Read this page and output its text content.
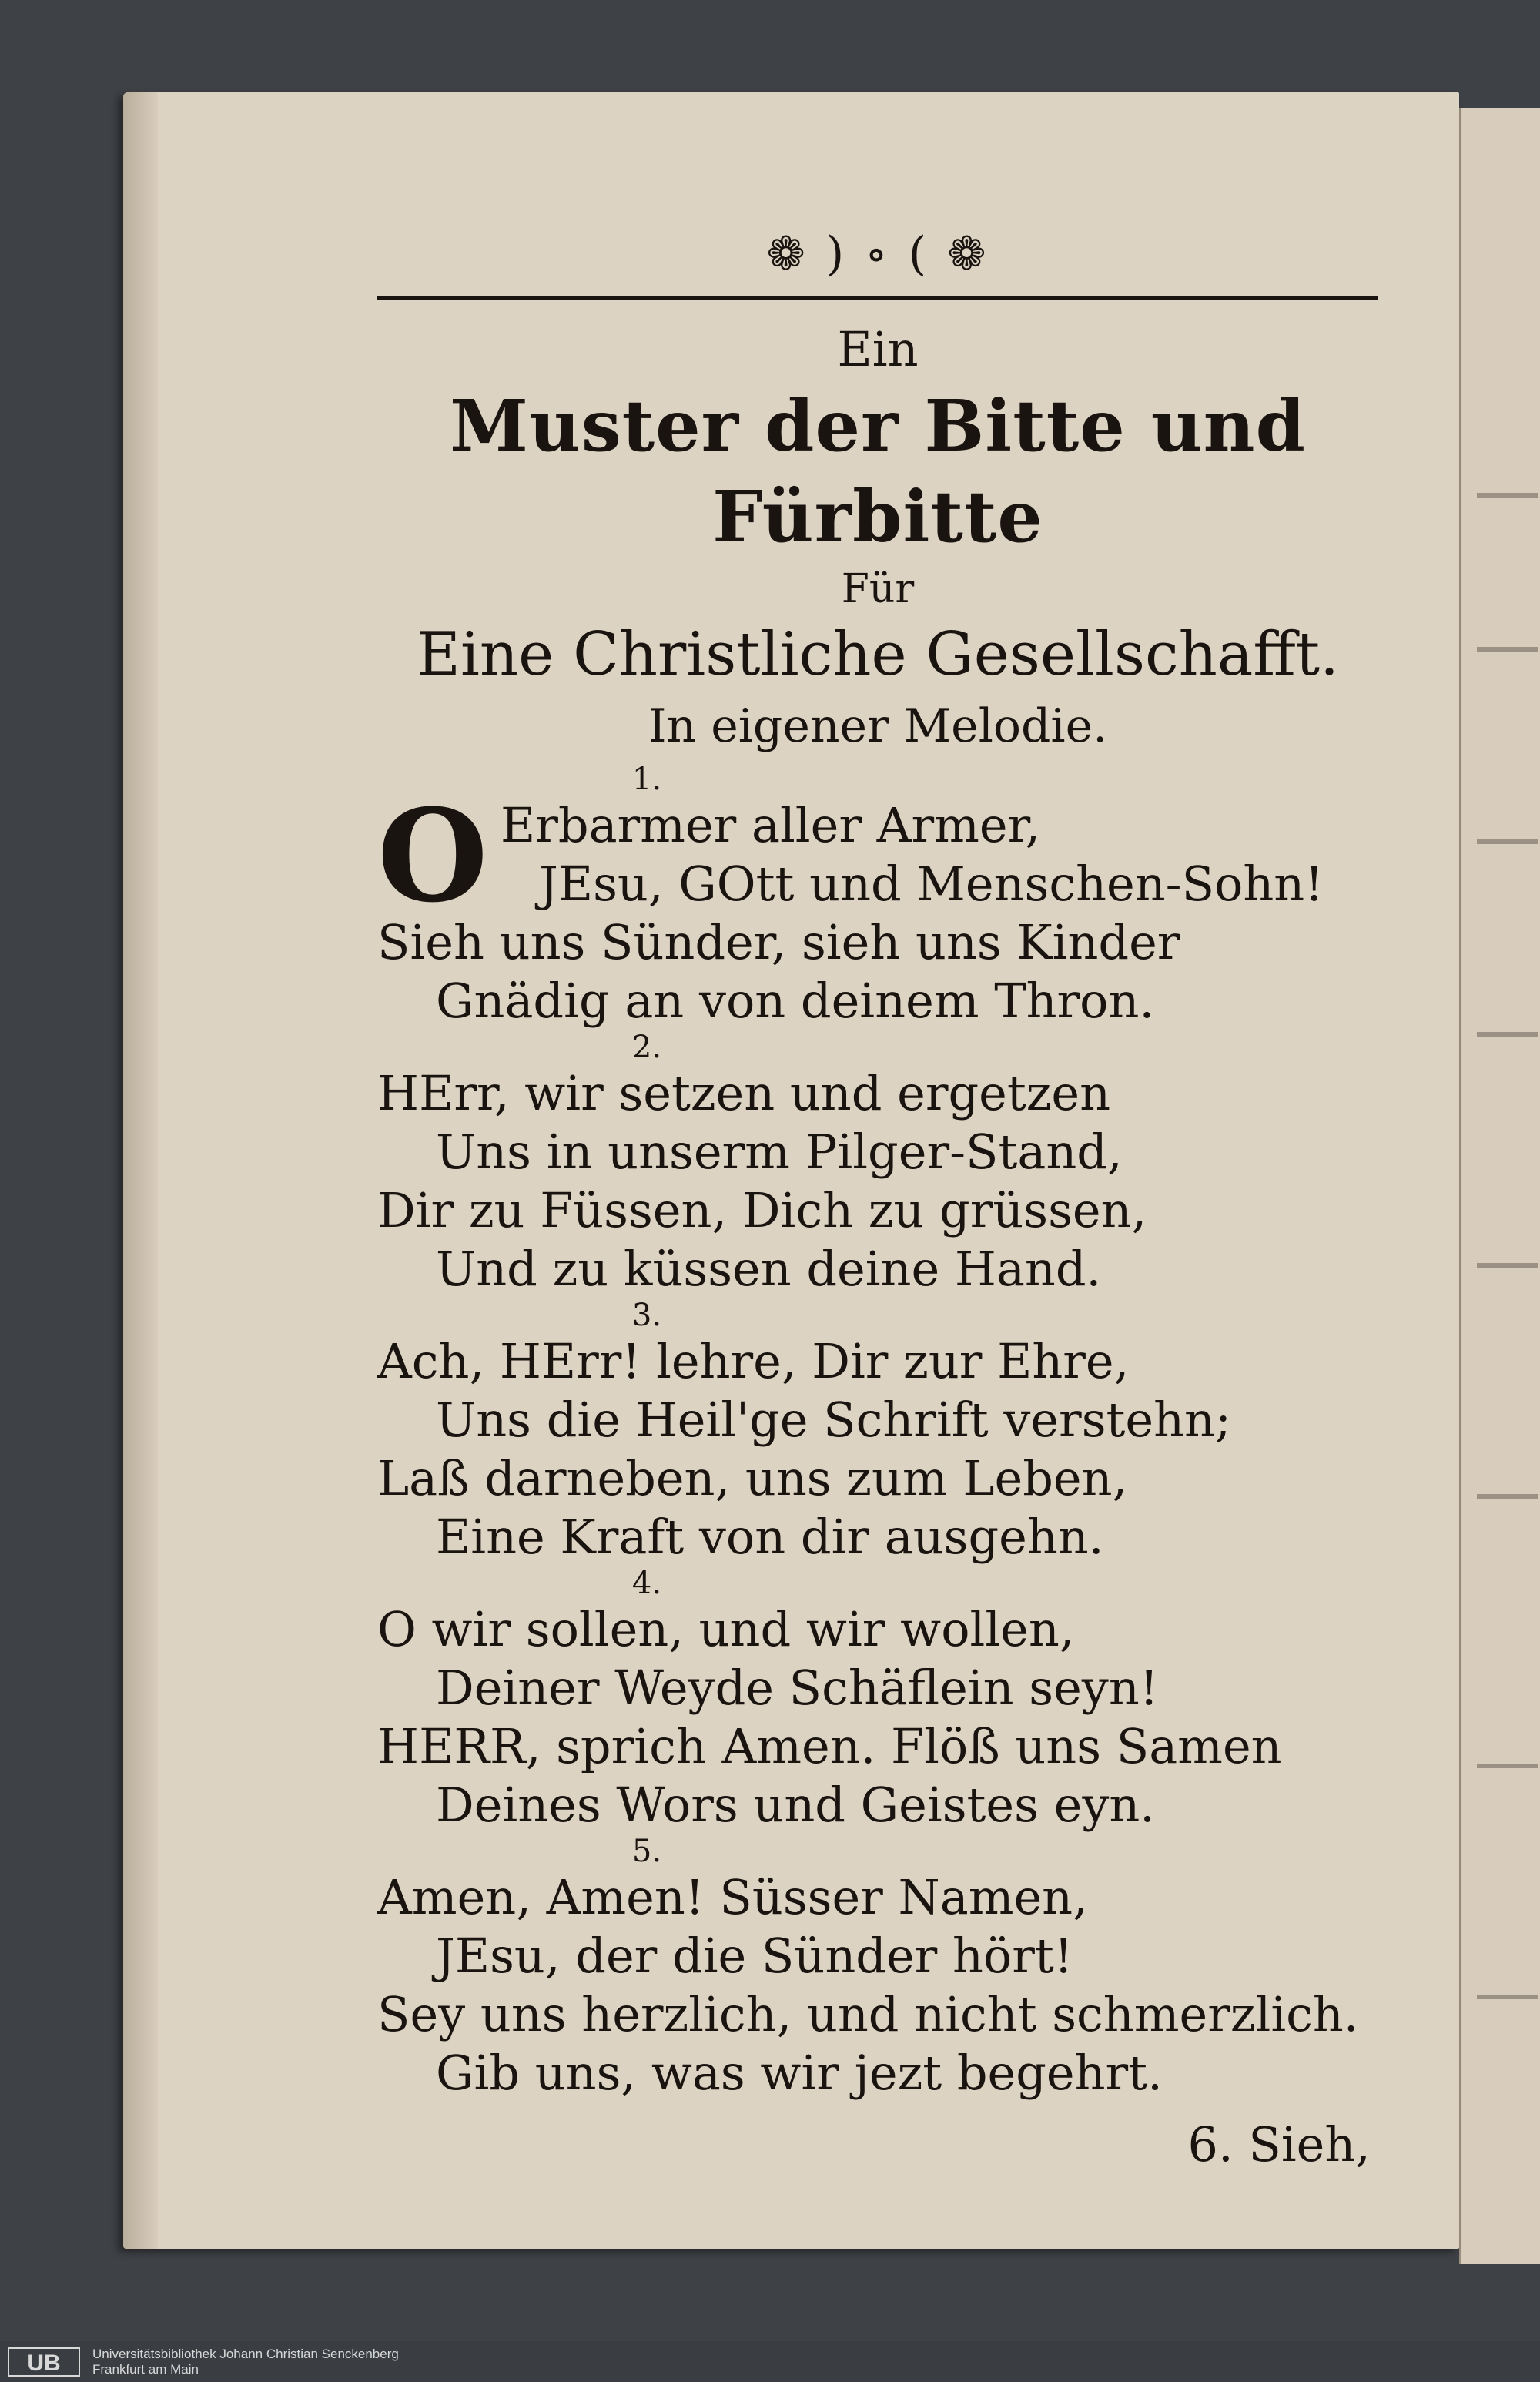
❁ ) ∘ ( ❁
Ein
Muster der Bitte und Fürbitte
Für
Eine Christliche Gesellschafft.
In eigener Melodie.
1.
O Erbarmer aller Armer,
JEsu, GOtt und Menschen-Sohn!
Sieh uns Sünder, sieh uns Kinder
Gnädig an von deinem Thron.
2.
HErr, wir setzen und ergetzen
Uns in unserm Pilger-Stand,
Dir zu Füssen, Dich zu grüssen,
Und zu küssen deine Hand.
3.
Ach, HErr! lehre, Dir zur Ehre,
Uns die Heil'ge Schrift verstehn;
Laß darneben, uns zum Leben,
Eine Kraft von dir ausgehn.
4.
O wir sollen, und wir wollen,
Deiner Weyde Schäflein seyn!
HERR, sprich Amen. Flöß uns Samen
Deines Wors und Geistes eyn.
5.
Amen, Amen! Süsser Namen,
JEsu, der die Sünder hört!
Sey uns herzlich, und nicht schmerzlich.
Gib uns, was wir jezt begehrt.
6. Sieh,
UB	Universitätsbibliothek Johann Christian Senckenberg
Frankfurt am Main
